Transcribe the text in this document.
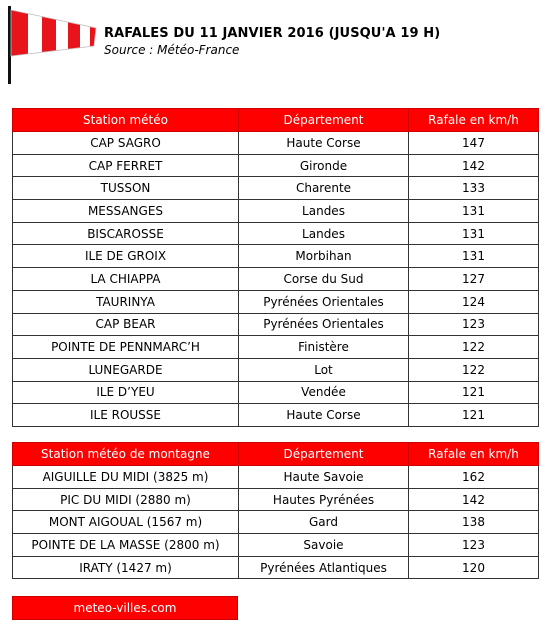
RAFALES DU 11 JANVIER 2016 (JUSQU'A 19 H)
Source : Météo-France
Station météo	Département	Rafale en km/h
CAP SAGRO	Haute Corse	147
CAP FERRET	Gironde	142
TUSSON	Charente	133
MESSANGES	Landes	131
BISCAROSSE	Landes	131
ILE DE GROIX	Morbihan	131
LA CHIAPPA	Corse du Sud	127
TAURINYA	Pyrénées Orientales	124
CAP BEAR	Pyrénées Orientales	123
POINTE DE PENNMARC’H	Finistère	122
LUNEGARDE	Lot	122
ILE D’YEU	Vendée	121
ILE ROUSSE	Haute Corse	121
Station météo de montagne	Département	Rafale en km/h
AIGUILLE DU MIDI (3825 m)	Haute Savoie	162
PIC DU MIDI (2880 m)	Hautes Pyrénées	142
MONT AIGOUAL (1567 m)	Gard	138
POINTE DE LA MASSE (2800 m)	Savoie	123
IRATY (1427 m)	Pyrénées Atlantiques	120
meteo-villes.com
